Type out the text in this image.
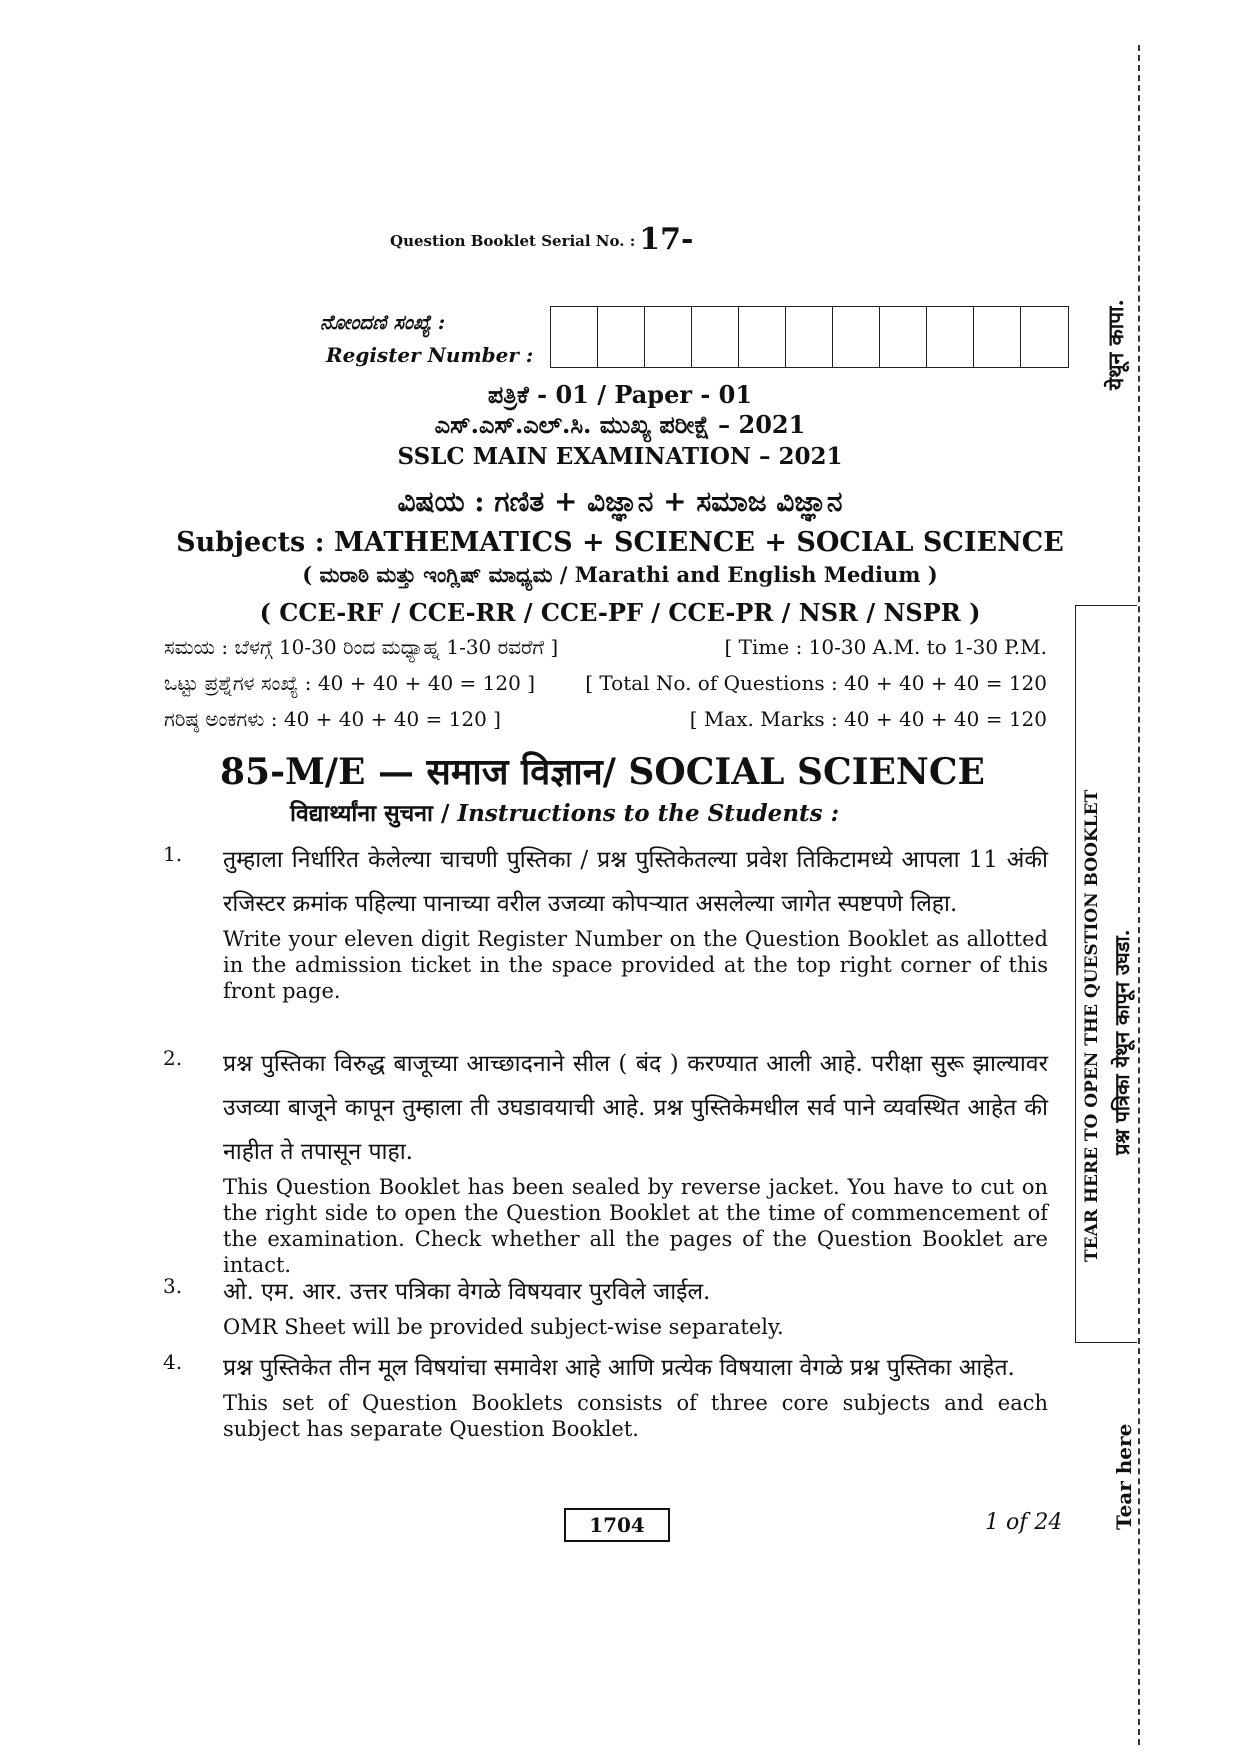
Question Booklet Serial No. : 17-
ನೋಂದಣಿ ಸಂಖ್ಯೆ :
Register Number :
ಪತ್ರಿಕೆ - 01 / Paper - 01
ಎಸ್.ಎಸ್.ಎಲ್.ಸಿ. ಮುಖ್ಯ ಪರೀಕ್ಷೆ – 2021
SSLC MAIN EXAMINATION – 2021
ವಿಷಯ : ಗಣಿತ + ವಿಜ್ಞಾನ + ಸಮಾಜ ವಿಜ್ಞಾನ
Subjects : MATHEMATICS + SCIENCE + SOCIAL SCIENCE
( ಮರಾಠಿ ಮತ್ತು ಇಂಗ್ಲಿಷ್ ಮಾಧ್ಯಮ / Marathi and English Medium )
( CCE-RF / CCE-RR / CCE-PF / CCE-PR / NSR / NSPR )
ಸಮಯ : ಬೆಳಗ್ಗೆ 10-30 ರಿಂದ ಮಧ್ಯಾಹ್ನ 1-30 ರವರೆಗೆ ]	[ Time : 10-30 A.M. to 1-30 P.M.
ಒಟ್ಟು ಪ್ರಶ್ನೆಗಳ ಸಂಖ್ಯೆ : 40 + 40 + 40 = 120 ]	[ Total No. of Questions : 40 + 40 + 40 = 120
ಗರಿಷ್ಠ ಅಂಕಗಳು : 40 + 40 + 40 = 120 ]	[ Max. Marks : 40 + 40 + 40 = 120
85-M/E — समाज विज्ञान/ SOCIAL SCIENCE
विद्यार्थ्यांना सुचना / Instructions to the Students :
1. तुम्हाला निर्धारित केलेल्या चाचणी पुस्तिका / प्रश्न पुस्तिकेतल्या प्रवेश तिकिटामध्ये आपला 11 अंकी रजिस्टर क्रमांक पहिल्या पानाच्या वरील उजव्या कोपऱ्यात असलेल्या जागेत स्पष्टपणे लिहा.
Write your eleven digit Register Number on the Question Booklet as allotted in the admission ticket in the space provided at the top right corner of this front page.
2. प्रश्न पुस्तिका विरुद्ध बाजूच्या आच्छादनाने सील ( बंद ) करण्यात आली आहे. परीक्षा सुरू झाल्यावर उजव्या बाजूने कापून तुम्हाला ती उघडावयाची आहे. प्रश्न पुस्तिकेमधील सर्व पाने व्यवस्थित आहेत की नाहीत ते तपासून पाहा.
This Question Booklet has been sealed by reverse jacket. You have to cut on the right side to open the Question Booklet at the time of commencement of the examination. Check whether all the pages of the Question Booklet are intact.
3. ओ. एम. आर. उत्तर पत्रिका वेगळे विषयवार पुरविले जाईल.
OMR Sheet will be provided subject-wise separately.
4. प्रश्न पुस्तिकेत तीन मूल विषयांचा समावेश आहे आणि प्रत्येक विषयाला वेगळे प्रश्न पुस्तिका आहेत.
This set of Question Booklets consists of three core subjects and each subject has separate Question Booklet.
1704	1 of 24
येथून कापा.
TEAR HERE TO OPEN THE QUESTION BOOKLET प्रश्न पत्रिका येथून कापून उघडा.
Tear here
